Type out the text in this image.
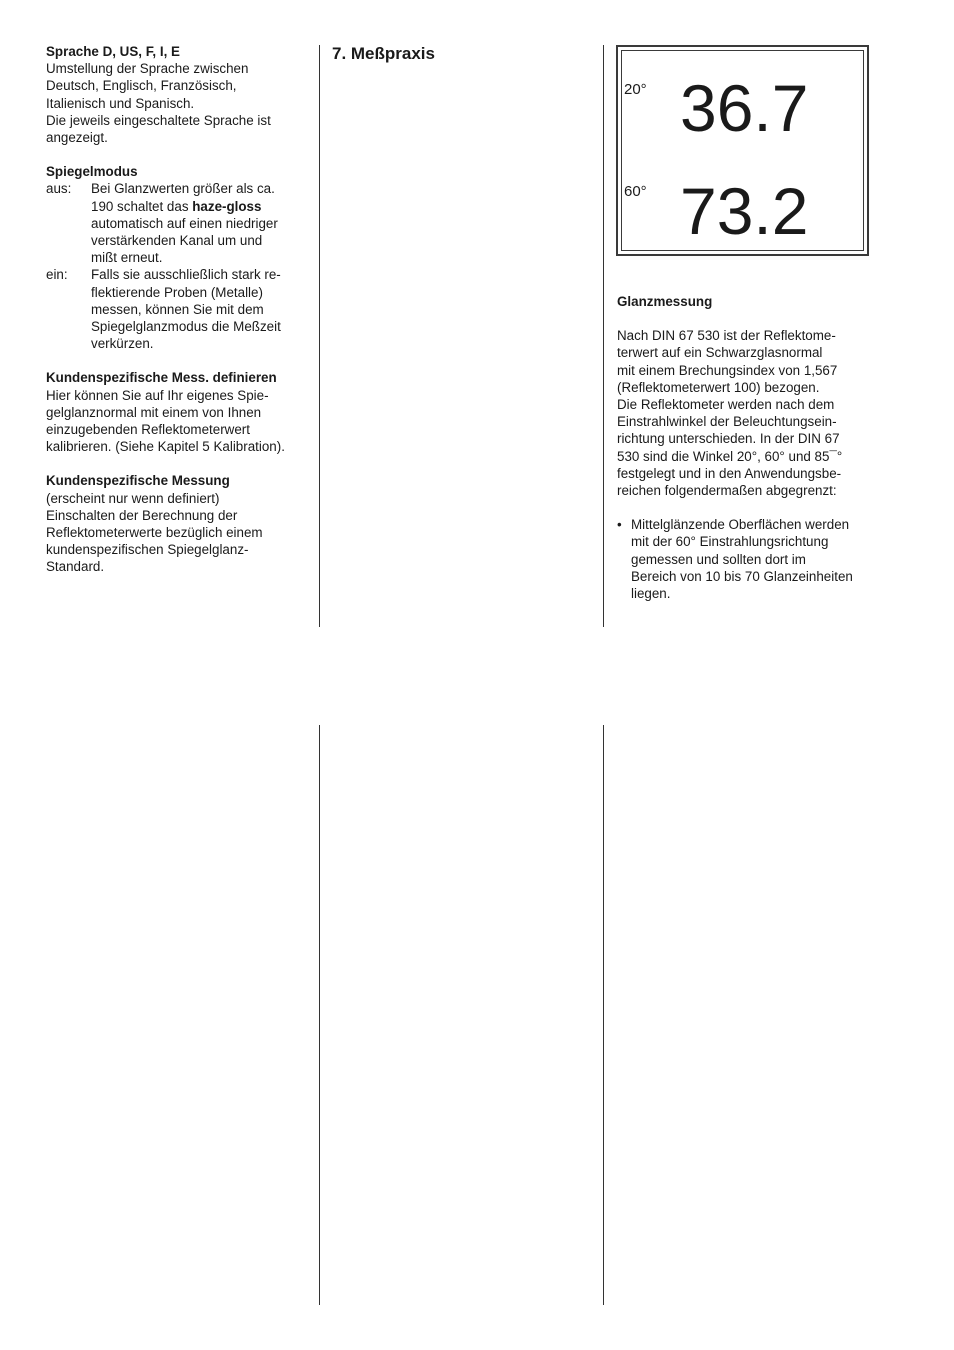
Sprache D, US, F, I, E
Umstellung der Sprache zwischen
Deutsch, Englisch, Französisch,
Italienisch und Spanisch.
Die jeweils eingeschaltete Sprache ist
angezeigt.
Spiegelmodus
aus:	Bei Glanzwerten größer als ca.
190 schaltet das haze-gloss
automatisch auf einen niedriger
verstärkenden Kanal um und
mißt erneut.
ein:	Falls sie ausschließlich stark re-
flektierende Proben (Metalle)
messen, können Sie mit dem
Spiegelglanzmodus die Meßzeit
verkürzen.
Kundenspezifische Mess. definieren
Hier können Sie auf Ihr eigenes Spie-
gelglanznormal mit einem von Ihnen
einzugebenden Reflektometerwert
kalibrieren. (Siehe Kapitel 5 Kalibration).
Kundenspezifische Messung
(erscheint nur wenn definiert)
Einschalten der Berechnung der
Reflektometerwerte bezüglich einem
kundenspezifischen Spiegelglanz-
Standard.
7. Meßpraxis
20° 36.7
60° 73.2
Glanzmessung
Nach DIN 67 530 ist der Reflektome-
terwert auf ein Schwarzglasnormal
mit einem Brechungsindex von 1,567
(Reflektometerwert 100) bezogen.
Die Reflektometer werden nach dem
Einstrahlwinkel der Beleuchtungsein-
richtung unterschieden. In der DIN 67
530 sind die Winkel 20°, 60° und 85¯°
festgelegt und in den Anwendungsbe-
reichen folgendermaßen abgegrenzt:
• Mittelglänzende Oberflächen werden
mit der 60° Einstrahlungsrichtung
gemessen und sollten dort im
Bereich von 10 bis 70 Glanzeinheiten
liegen.
